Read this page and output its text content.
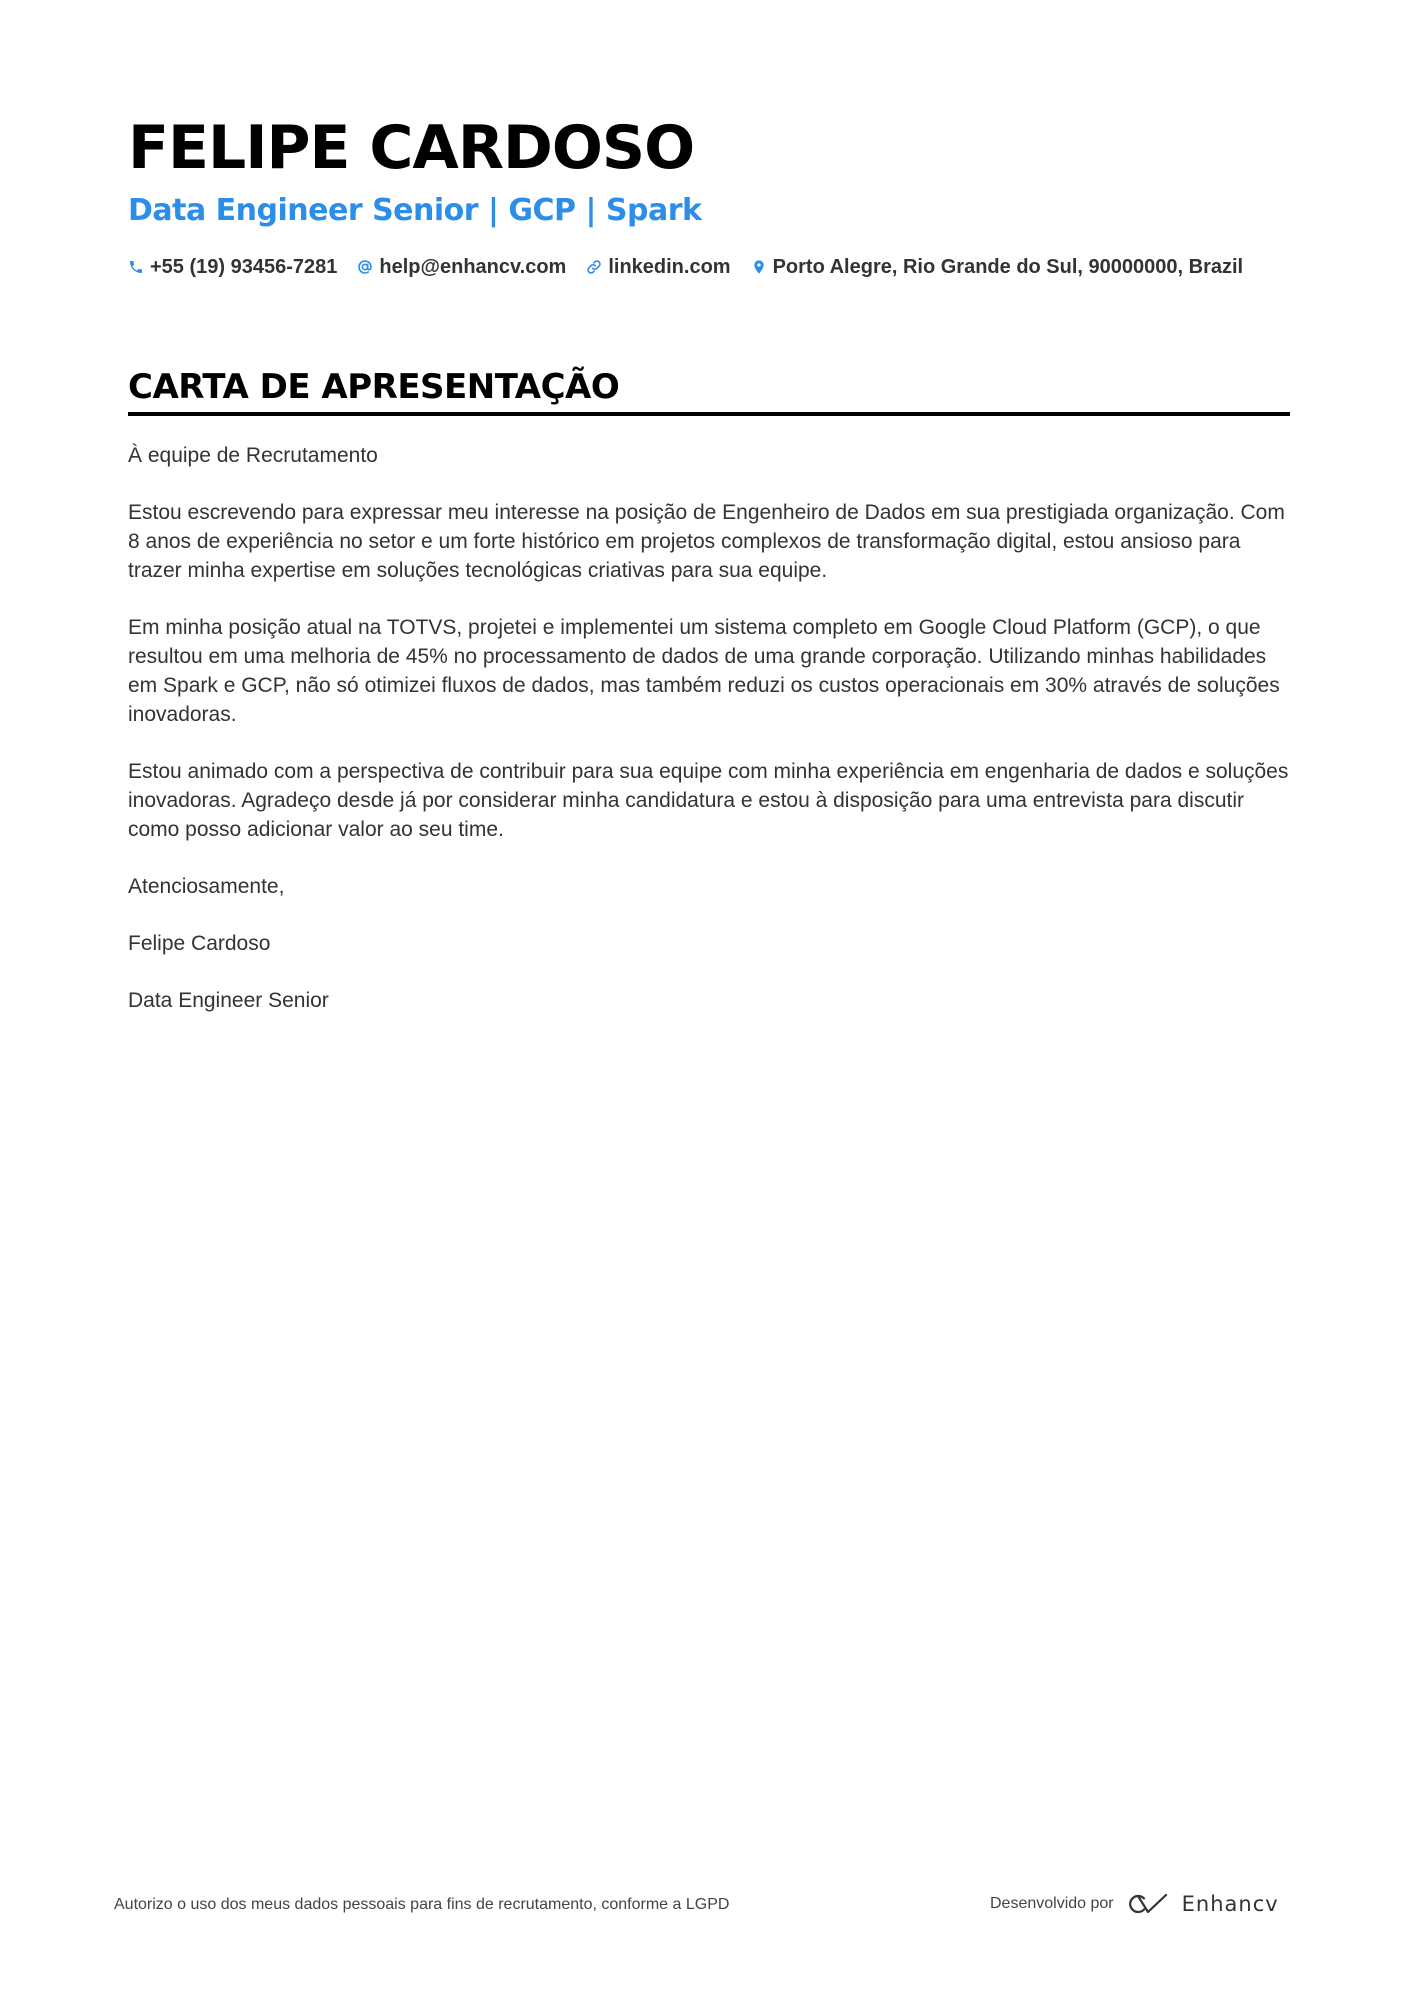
FELIPE CARDOSO
Data Engineer Senior | GCP | Spark
+55 (19) 93456-7281 help@enhancv.com linkedin.com Porto Alegre, Rio Grande do Sul, 90000000, Brazil
CARTA DE APRESENTAÇÃO

À equipe de Recrutamento

Estou escrevendo para expressar meu interesse na posição de Engenheiro de Dados em sua prestigiada organização. Com 8 anos de experiência no setor e um forte histórico em projetos complexos de transformação digital, estou ansioso para trazer minha expertise em soluções tecnológicas criativas para sua equipe.

Em minha posição atual na TOTVS, projetei e implementei um sistema completo em Google Cloud Platform (GCP), o que resultou em uma melhoria de 45% no processamento de dados de uma grande corporação. Utilizando minhas habilidades em Spark e GCP, não só otimizei fluxos de dados, mas também reduzi os custos operacionais em 30% através de soluções inovadoras.

Estou animado com a perspectiva de contribuir para sua equipe com minha experiência em engenharia de dados e soluções inovadoras. Agradeço desde já por considerar minha candidatura e estou à disposição para uma entrevista para discutir como posso adicionar valor ao seu time.

Atenciosamente,

Felipe Cardoso

Data Engineer Senior

Autorizo o uso dos meus dados pessoais para fins de recrutamento, conforme a LGPD	Desenvolvido por	Enhancv
